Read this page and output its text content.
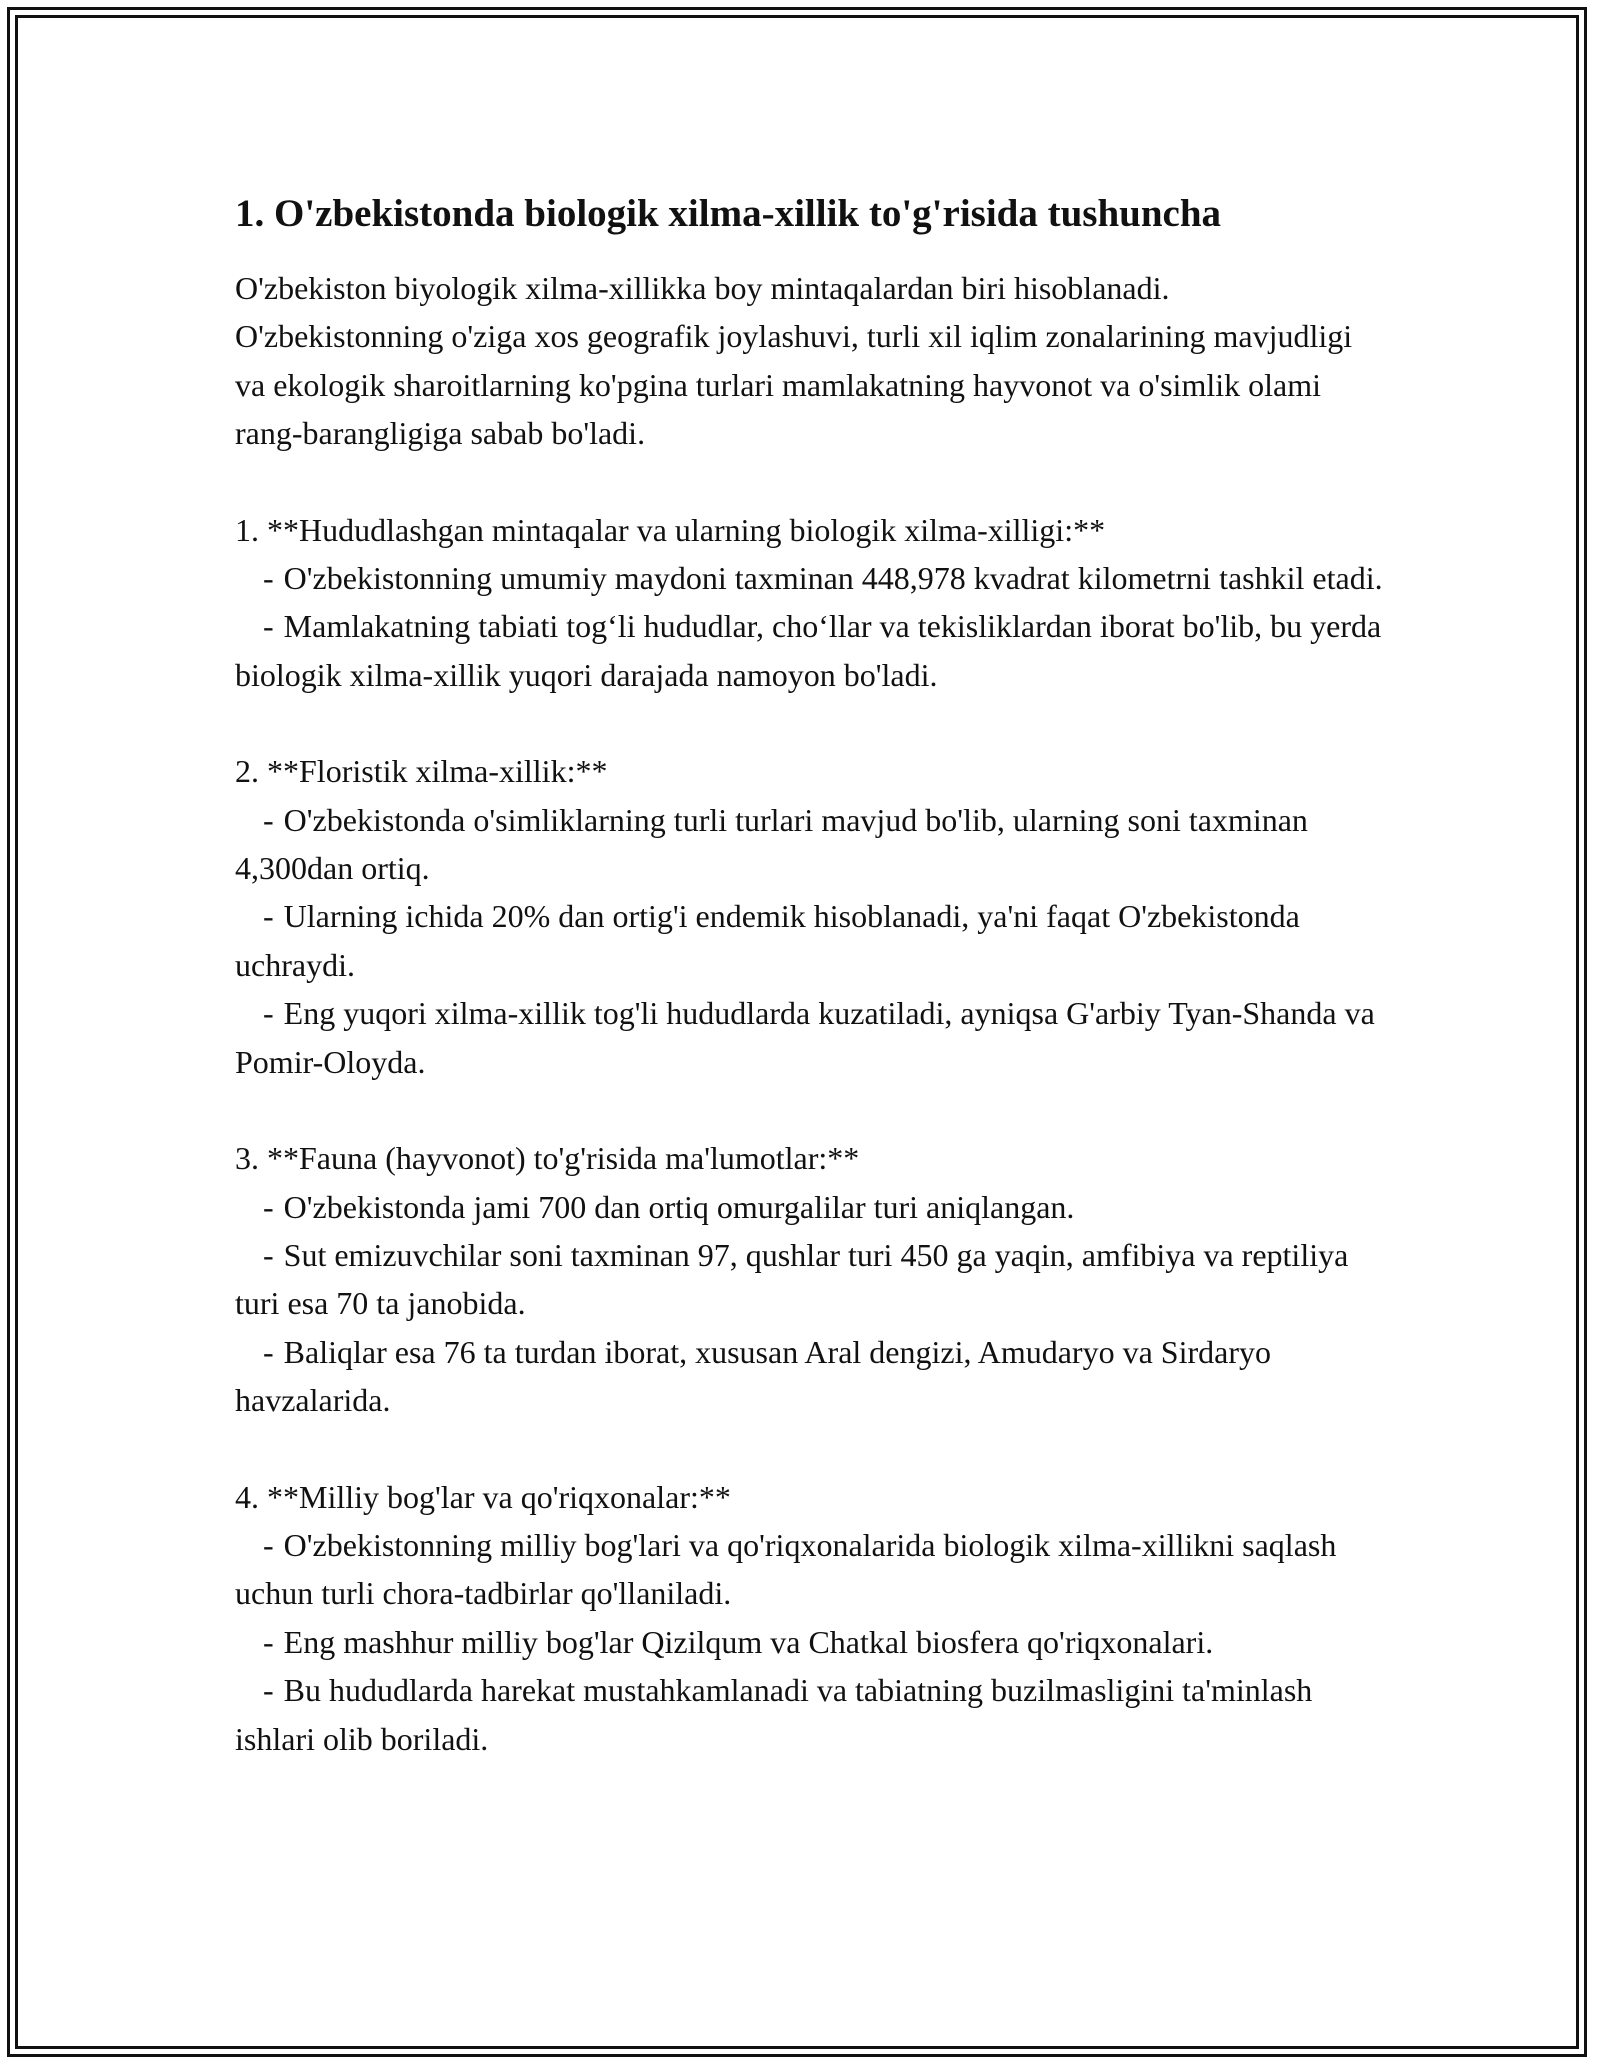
1. O'zbekistonda biologik xilma-xillik to'g'risida tushuncha

O'zbekiston biyologik xilma-xillikka boy mintaqalardan biri hisoblanadi. O'zbekistonning o'ziga xos geografik joylashuvi, turli xil iqlim zonalarining mavjudligi va ekologik sharoitlarning ko'pgina turlari mamlakatning hayvonot va o'simlik olami rang-barangligiga sabab bo'ladi.

1. **Hududlashgan mintaqalar va ularning biologik xilma-xilligi:**

- O'zbekistonning umumiy maydoni taxminan 448,978 kvadrat kilometrni tashkil etadi.

- Mamlakatning tabiati tog‘li hududlar, cho‘llar va tekisliklardan iborat bo'lib, bu yerda biologik xilma-xillik yuqori darajada namoyon bo'ladi.

2. **Floristik xilma-xillik:**

- O'zbekistonda o'simliklarning turli turlari mavjud bo'lib, ularning soni taxminan 4,300dan ortiq.

- Ularning ichida 20% dan ortig'i endemik hisoblanadi, ya'ni faqat O'zbekistonda uchraydi.

- Eng yuqori xilma-xillik tog'li hududlarda kuzatiladi, ayniqsa G'arbiy Tyan-Shanda va Pomir-Oloyda.

3. **Fauna (hayvonot) to'g'risida ma'lumotlar:**

- O'zbekistonda jami 700 dan ortiq omurgalilar turi aniqlangan.

- Sut emizuvchilar soni taxminan 97, qushlar turi 450 ga yaqin, amfibiya va reptiliya turi esa 70 ta janobida.

- Baliqlar esa 76 ta turdan iborat, xususan Aral dengizi, Amudaryo va Sirdaryo havzalarida.

4. **Milliy bog'lar va qo'riqxonalar:**

- O'zbekistonning milliy bog'lari va qo'riqxonalarida biologik xilma-xillikni saqlash uchun turli chora-tadbirlar qo'llaniladi.

- Eng mashhur milliy bog'lar Qizilqum va Chatkal biosfera qo'riqxonalari.

- Bu hududlarda harekat mustahkamlanadi va tabiatning buzilmasligini ta'minlash ishlari olib boriladi.
